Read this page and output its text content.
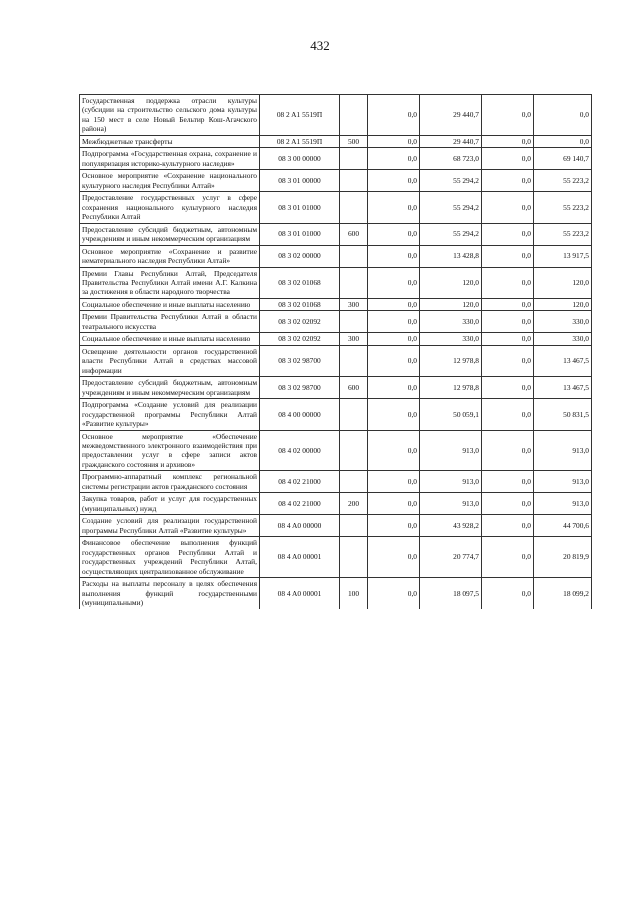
432
Государственная поддержка отрасли культуры (субсидии на строительство сельского дома культуры на 150 мест в селе Новый Бельтир Кош-Агачского района)	08 2 A1 5519П		0,0	29 440,7	0,0	0,0
Межбюджетные трансферты	08 2 A1 5519П	500	0,0	29 440,7	0,0	0,0
Подпрограмма «Государственная охрана, сохранение и популяризация историко-культурного наследия»	08 3 00 00000		0,0	68 723,0	0,0	69 140,7
Основное мероприятие «Сохранение национального культурного наследия Республики Алтай»	08 3 01 00000		0,0	55 294,2	0,0	55 223,2
Предоставление государственных услуг в сфере сохранения национального культурного наследия Республики Алтай	08 3 01 01000		0,0	55 294,2	0,0	55 223,2
Предоставление субсидий бюджетным, автономным учреждениям и иным некоммерческим организациям	08 3 01 01000	600	0,0	55 294,2	0,0	55 223,2
Основное мероприятие «Сохранение и развитие нематериального наследия Республики Алтай»	08 3 02 00000		0,0	13 428,8	0,0	13 917,5
Премии Главы Республики Алтай, Председателя Правительства Республики Алтай имени А.Г. Калкина за достижения в области народного творчества	08 3 02 01068		0,0	120,0	0,0	120,0
Социальное обеспечение и иные выплаты населению	08 3 02 01068	300	0,0	120,0	0,0	120,0
Премии Правительства Республики Алтай в области театрального искусства	08 3 02 02092		0,0	330,0	0,0	330,0
Социальное обеспечение и иные выплаты населению	08 3 02 02092	300	0,0	330,0	0,0	330,0
Освещение деятельности органов государственной власти Республики Алтай в средствах массовой информации	08 3 02 98700		0,0	12 978,8	0,0	13 467,5
Предоставление субсидий бюджетным, автономным учреждениям и иным некоммерческим организациям	08 3 02 98700	600	0,0	12 978,8	0,0	13 467,5
Подпрограмма «Создание условий для реализации государственной программы Республики Алтай «Развитие культуры»	08 4 00 00000		0,0	50 059,1	0,0	50 831,5
Основное мероприятие «Обеспечение межведомственного электронного взаимодействия при предоставлении услуг в сфере записи актов гражданского состояния и архивов»	08 4 02 00000		0,0	913,0	0,0	913,0
Программно-аппаратный комплекс региональной системы регистрации актов гражданского состояния	08 4 02 21000		0,0	913,0	0,0	913,0
Закупка товаров, работ и услуг для государственных (муниципальных) нужд	08 4 02 21000	200	0,0	913,0	0,0	913,0
Создание условий для реализации государственной программы Республики Алтай «Развитие культуры»	08 4 A0 00000		0,0	43 928,2	0,0	44 700,6
Финансовое обеспечение выполнения функций государственных органов Республики Алтай и государственных учреждений Республики Алтай, осуществляющих централизованное обслуживание	08 4 A0 00001		0,0	20 774,7	0,0	20 819,9
Расходы на выплаты персоналу в целях обеспечения выполнения функций государственными (муниципальными)	08 4 A0 00001	100	0,0	18 097,5	0,0	18 099,2
